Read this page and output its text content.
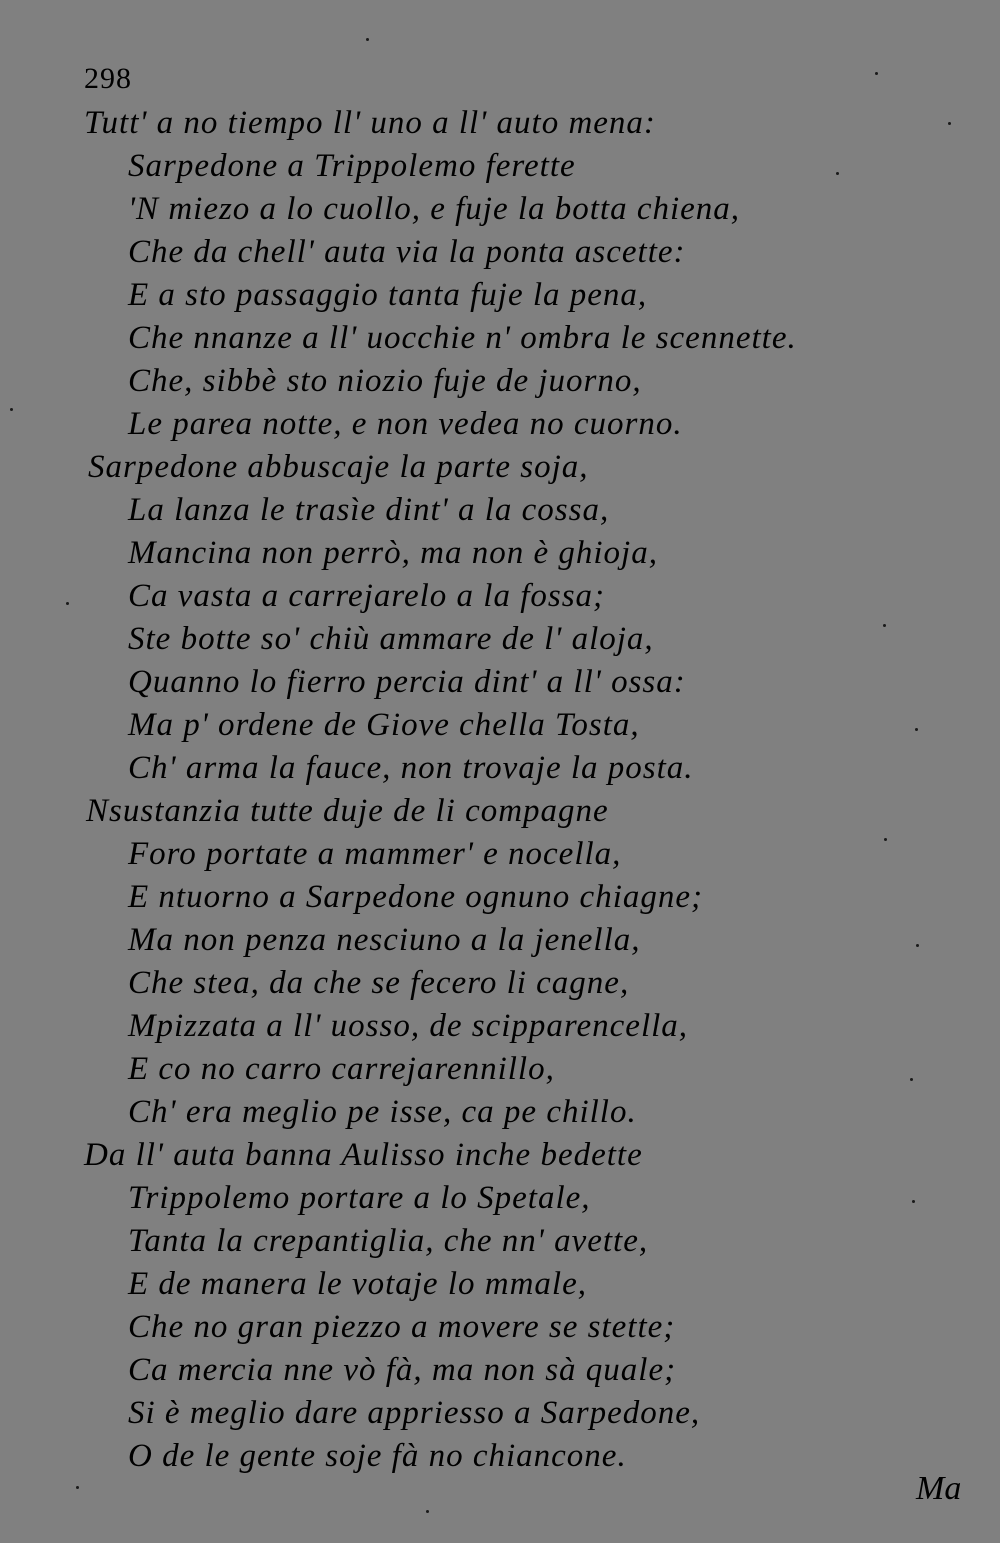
298
Tutt' a no tiempo ll' uno a ll' auto mena:
Sarpedone a Trippolemo ferette
'N miezo a lo cuollo, e fuje la botta chiena,
Che da chell' auta via la ponta ascette:
E a sto passaggio tanta fuje la pena,
Che nnanze a ll' uocchie n' ombra le scennette.
Che, sibbè sto niozio fuje de juorno,
Le parea notte, e non vedea no cuorno.
Sarpedone abbuscaje la parte soja,
La lanza le trasìe dint' a la cossa,
Mancina non perrò, ma non è ghioja,
Ca vasta a carrejarelo a la fossa;
Ste botte so' chiù ammare de l' aloja,
Quanno lo fierro percia dint' a ll' ossa:
Ma p' ordene de Giove chella Tosta,
Ch' arma la fauce, non trovaje la posta.
Nsustanzia tutte duje de li compagne
Foro portate a mammer' e nocella,
E ntuorno a Sarpedone ognuno chiagne;
Ma non penza nesciuno a la jenella,
Che stea, da che se fecero li cagne,
Mpizzata a ll' uosso, de scipparencella,
E co no carro carrejarennillo,
Ch' era meglio pe isse, ca pe chillo.
Da ll' auta banna Aulisso inche bedette
Trippolemo portare a lo Spetale,
Tanta la crepantiglia, che nn' avette,
E de manera le votaje lo mmale,
Che no gran piezzo a movere se stette;
Ca mercia nne vò fà, ma non sà quale;
Si è meglio dare appriesso a Sarpedone,
O de le gente soje fà no chiancone.
Ma
